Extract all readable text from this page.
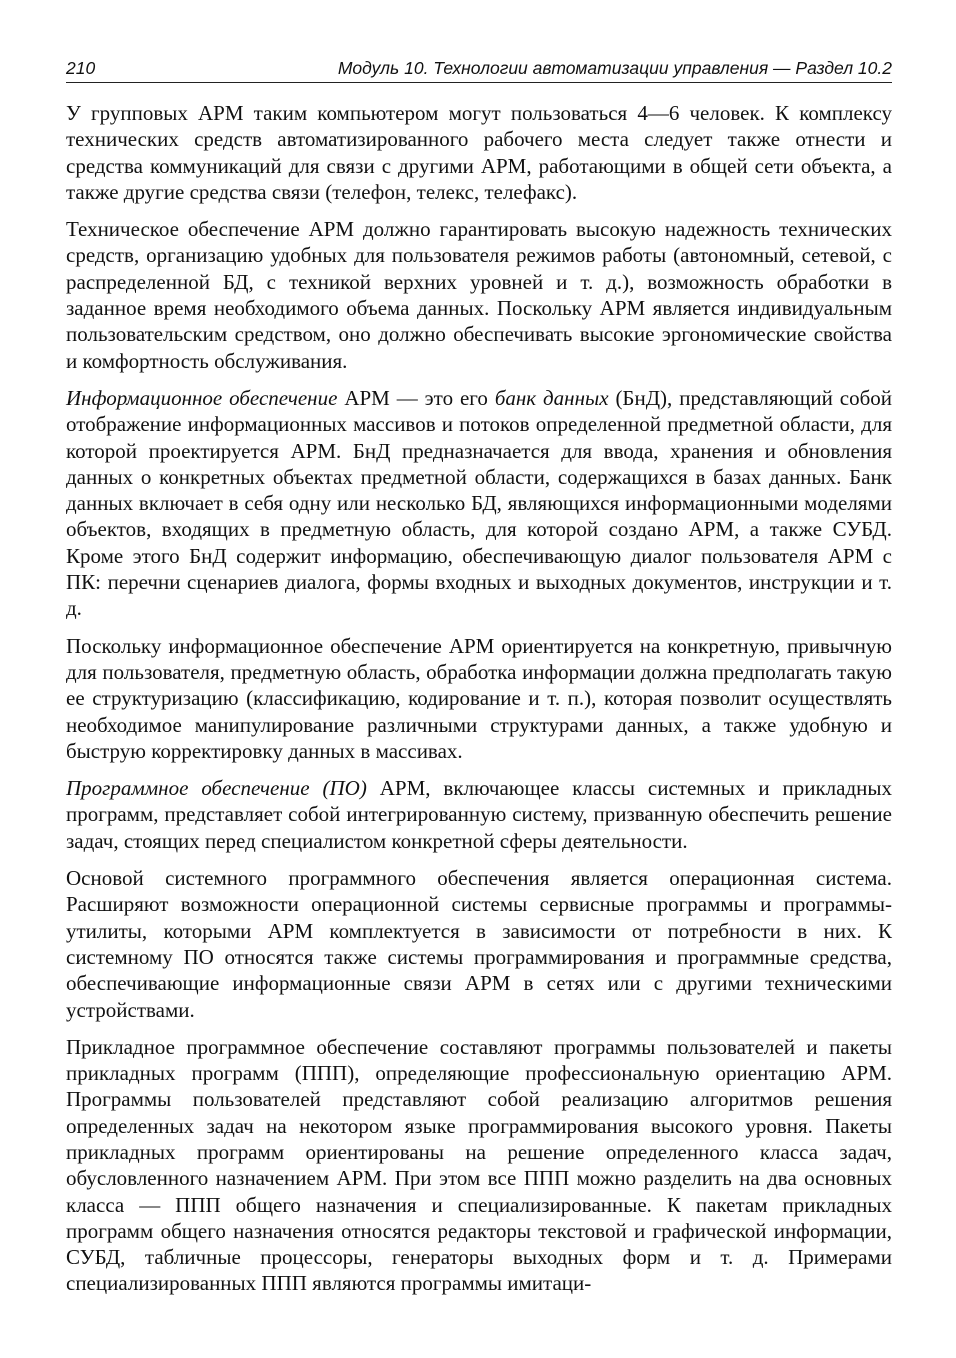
210	Модуль 10. Технологии автоматизации управления — Раздел 10.2

У групповых АРМ таким компьютером могут пользоваться 4—6 человек. К комплексу технических средств автоматизированного рабочего места следует также отнести и средства коммуникаций для связи с другими АРМ, работающими в общей сети объекта, а также другие средства связи (телефон, телекс, телефакс).

Техническое обеспечение АРМ должно гарантировать высокую надежность технических средств, организацию удобных для пользователя режимов работы (автономный, сетевой, с распределенной БД, с техникой верхних уровней и т. д.), возможность обработки в заданное время необходимого объема данных. Поскольку АРМ является индивидуальным пользовательским средством, оно должно обеспечивать высокие эргономические свойства и комфортность обслуживания.

Информационное обеспечение АРМ — это его банк данных (БнД), представляющий собой отображение информационных массивов и потоков определенной предметной области, для которой проектируется АРМ. БнД предназначается для ввода, хранения и обновления данных о конкретных объектах предметной области, содержащихся в базах данных. Банк данных включает в себя одну или несколько БД, являющихся информационными моделями объектов, входящих в предметную область, для которой создано АРМ, а также СУБД. Кроме этого БнД содержит информацию, обеспечивающую диалог пользователя АРМ с ПК: перечни сценариев диалога, формы входных и выходных документов, инструкции и т. д.

Поскольку информационное обеспечение АРМ ориентируется на конкретную, привычную для пользователя, предметную область, обработка информации должна предполагать такую ее структуризацию (классификацию, кодирование и т. п.), которая позволит осуществлять необходимое манипулирование различными структурами данных, а также удобную и быструю корректировку данных в массивах.

Программное обеспечение (ПО) АРМ, включающее классы системных и прикладных программ, представляет собой интегрированную систему, призванную обеспечить решение задач, стоящих перед специалистом конкретной сферы деятельности.

Основой системного программного обеспечения является операционная система. Расширяют возможности операционной системы сервисные программы и программы-утилиты, которыми АРМ комплектуется в зависимости от потребности в них. К системному ПО относятся также системы программирования и программные средства, обеспечивающие информационные связи АРМ в сетях или с другими техническими устройствами.

Прикладное программное обеспечение составляют программы пользователей и пакеты прикладных программ (ППП), определяющие профессиональную ориентацию АРМ. Программы пользователей представляют собой реализацию алгоритмов решения определенных задач на некотором языке программирования высокого уровня. Пакеты прикладных программ ориентированы на решение определенного класса задач, обусловленного назначением АРМ. При этом все ППП можно разделить на два основных класса — ППП общего назначения и специализированные. К пакетам прикладных программ общего назначения относятся редакторы текстовой и графической информации, СУБД, табличные процессоры, генераторы выходных форм и т. д. Примерами специализированных ППП являются программы имитаци-
